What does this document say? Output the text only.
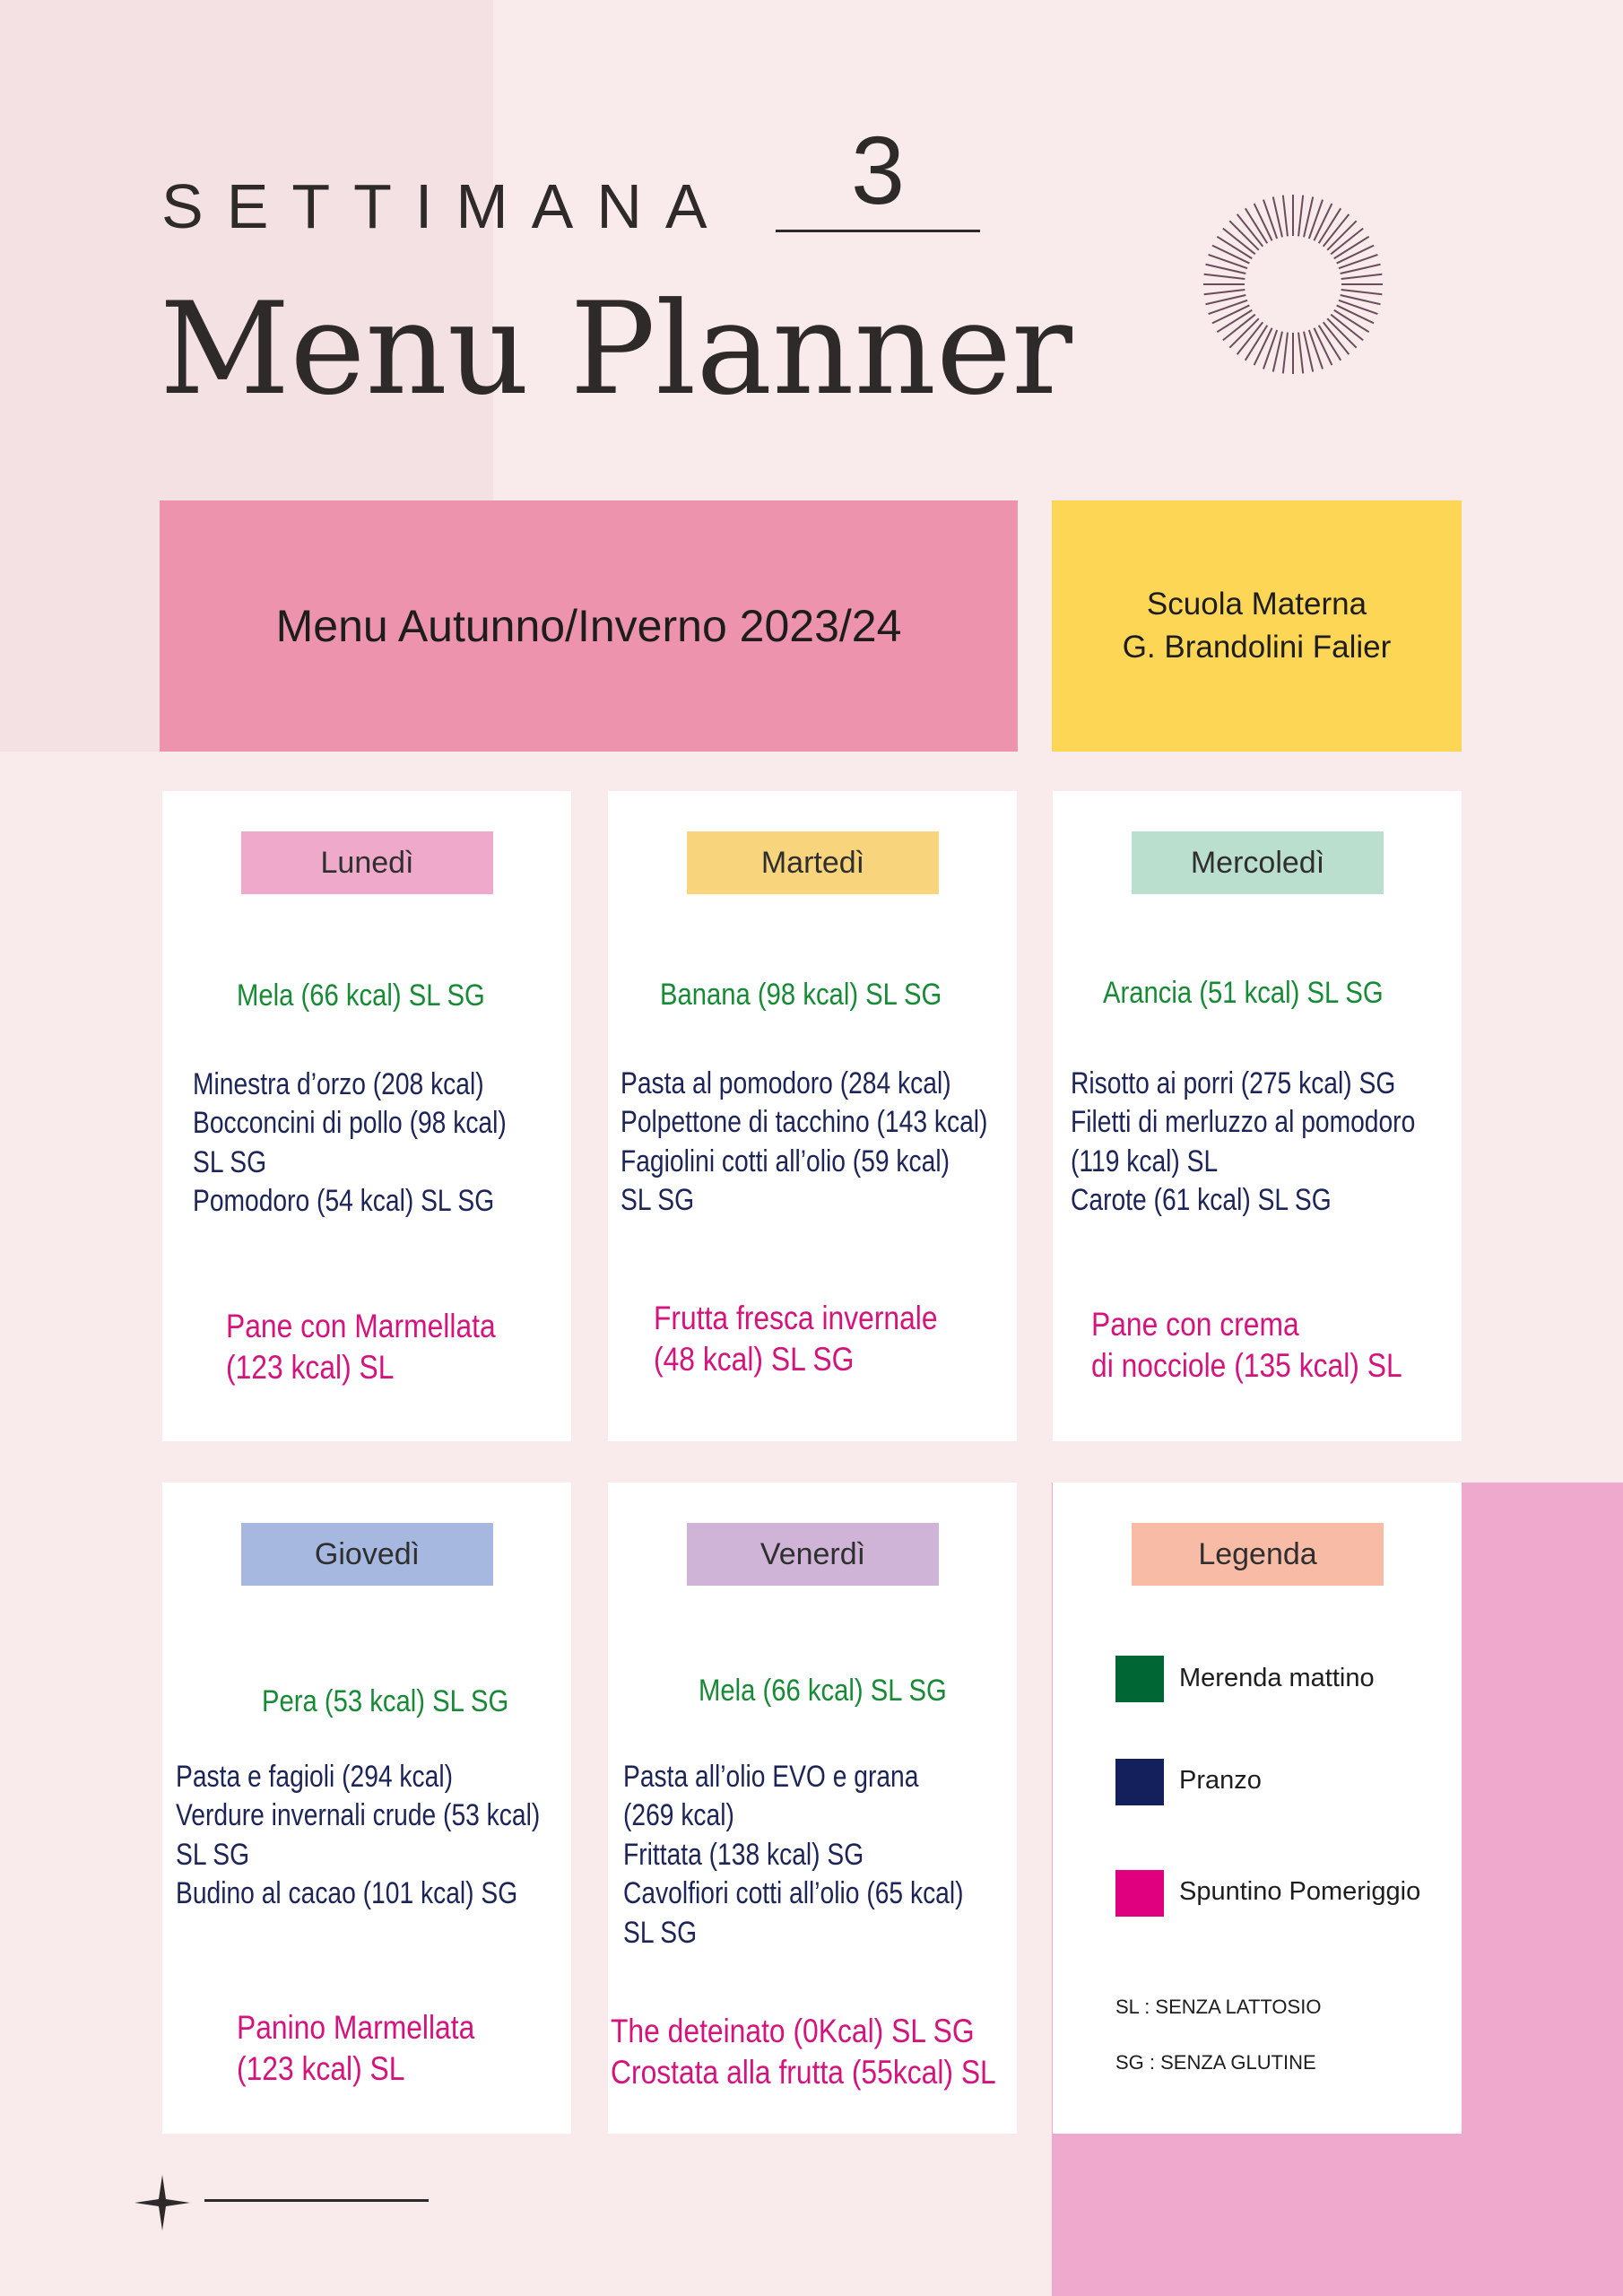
SETTIMANA	3
Menu Planner
Menu Autunno/Inverno 2023/24	Scuola Materna
G. Brandolini Falier
Lunedì
Mela (66 kcal) SL SG
Minestra d’orzo (208 kcal)
Bocconcini di pollo (98 kcal)
SL SG
Pomodoro (54 kcal) SL SG
Pane con Marmellata
(123 kcal) SL
Martedì
Banana (98 kcal) SL SG
Pasta al pomodoro (284 kcal)
Polpettone di tacchino (143 kcal)
Fagiolini cotti all’olio (59 kcal)
SL SG
Frutta fresca invernale
(48 kcal) SL SG
Mercoledì
Arancia (51 kcal) SL SG
Risotto ai porri (275 kcal) SG
Filetti di merluzzo al pomodoro
(119 kcal) SL
Carote (61 kcal) SL SG
Pane con crema
di nocciole (135 kcal) SL
Giovedì
Pera (53 kcal) SL SG
Pasta e fagioli (294 kcal)
Verdure invernali crude (53 kcal)
SL SG
Budino al cacao (101 kcal) SG
Panino Marmellata
(123 kcal) SL
Venerdì
Mela (66 kcal) SL SG
Pasta all’olio EVO e grana
(269 kcal)
Frittata (138 kcal) SG
Cavolfiori cotti all’olio (65 kcal)
SL SG
The deteinato (0Kcal) SL SG
Crostata alla frutta (55kcal) SL
Legenda
Merenda mattino
Pranzo
Spuntino Pomeriggio
SL : SENZA LATTOSIO
SG : SENZA GLUTINE
